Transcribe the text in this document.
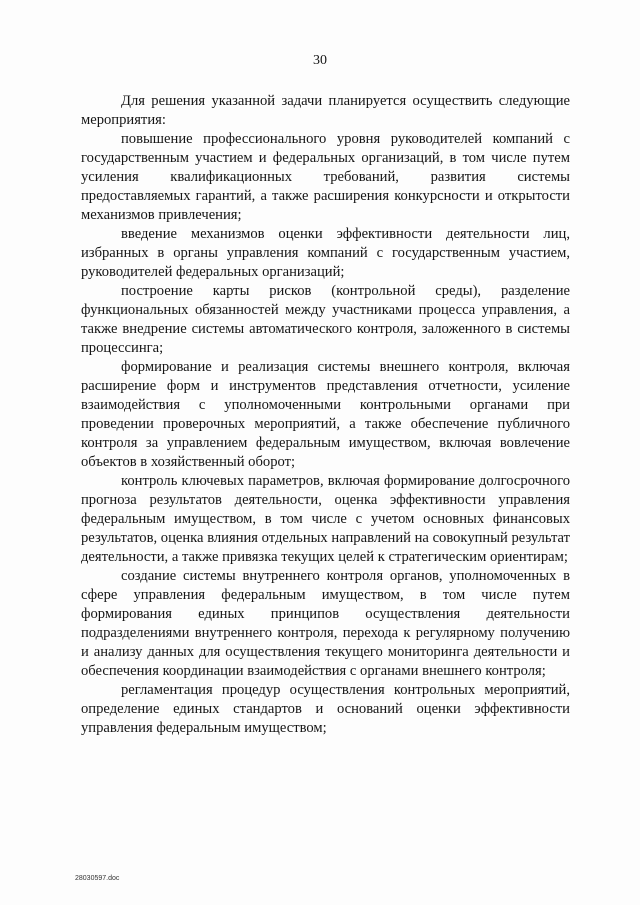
30

Для решения указанной задачи планируется осуществить следующие мероприятия:

повышение профессионального уровня руководителей компаний с государственным участием и федеральных организаций, в том числе путем усиления квалификационных требований, развития системы предоставляемых гарантий, а также расширения конкурсности и открытости механизмов привлечения;

введение механизмов оценки эффективности деятельности лиц, избранных в органы управления компаний с государственным участием, руководителей федеральных организаций;

построение карты рисков (контрольной среды), разделение функциональных обязанностей между участниками процесса управления, а также внедрение системы автоматического контроля, заложенного в системы процессинга;

формирование и реализация системы внешнего контроля, включая расширение форм и инструментов представления отчетности, усиление взаимодействия с уполномоченными контрольными органами при проведении проверочных мероприятий, а также обеспечение публичного контроля за управлением федеральным имуществом, включая вовлечение объектов в хозяйственный оборот;

контроль ключевых параметров, включая формирование долгосрочного прогноза результатов деятельности, оценка эффективности управления федеральным имуществом, в том числе с учетом основных финансовых результатов, оценка влияния отдельных направлений на совокупный результат деятельности, а также привязка текущих целей к стратегическим ориентирам;

создание системы внутреннего контроля органов, уполномоченных в сфере управления федеральным имуществом, в том числе путем формирования единых принципов осуществления деятельности подразделениями внутреннего контроля, перехода к регулярному получению и анализу данных для осуществления текущего мониторинга деятельности и обеспечения координации взаимодействия с органами внешнего контроля;

регламентация процедур осуществления контрольных мероприятий, определение единых стандартов и оснований оценки эффективности управления федеральным имуществом;

28030597.doc
